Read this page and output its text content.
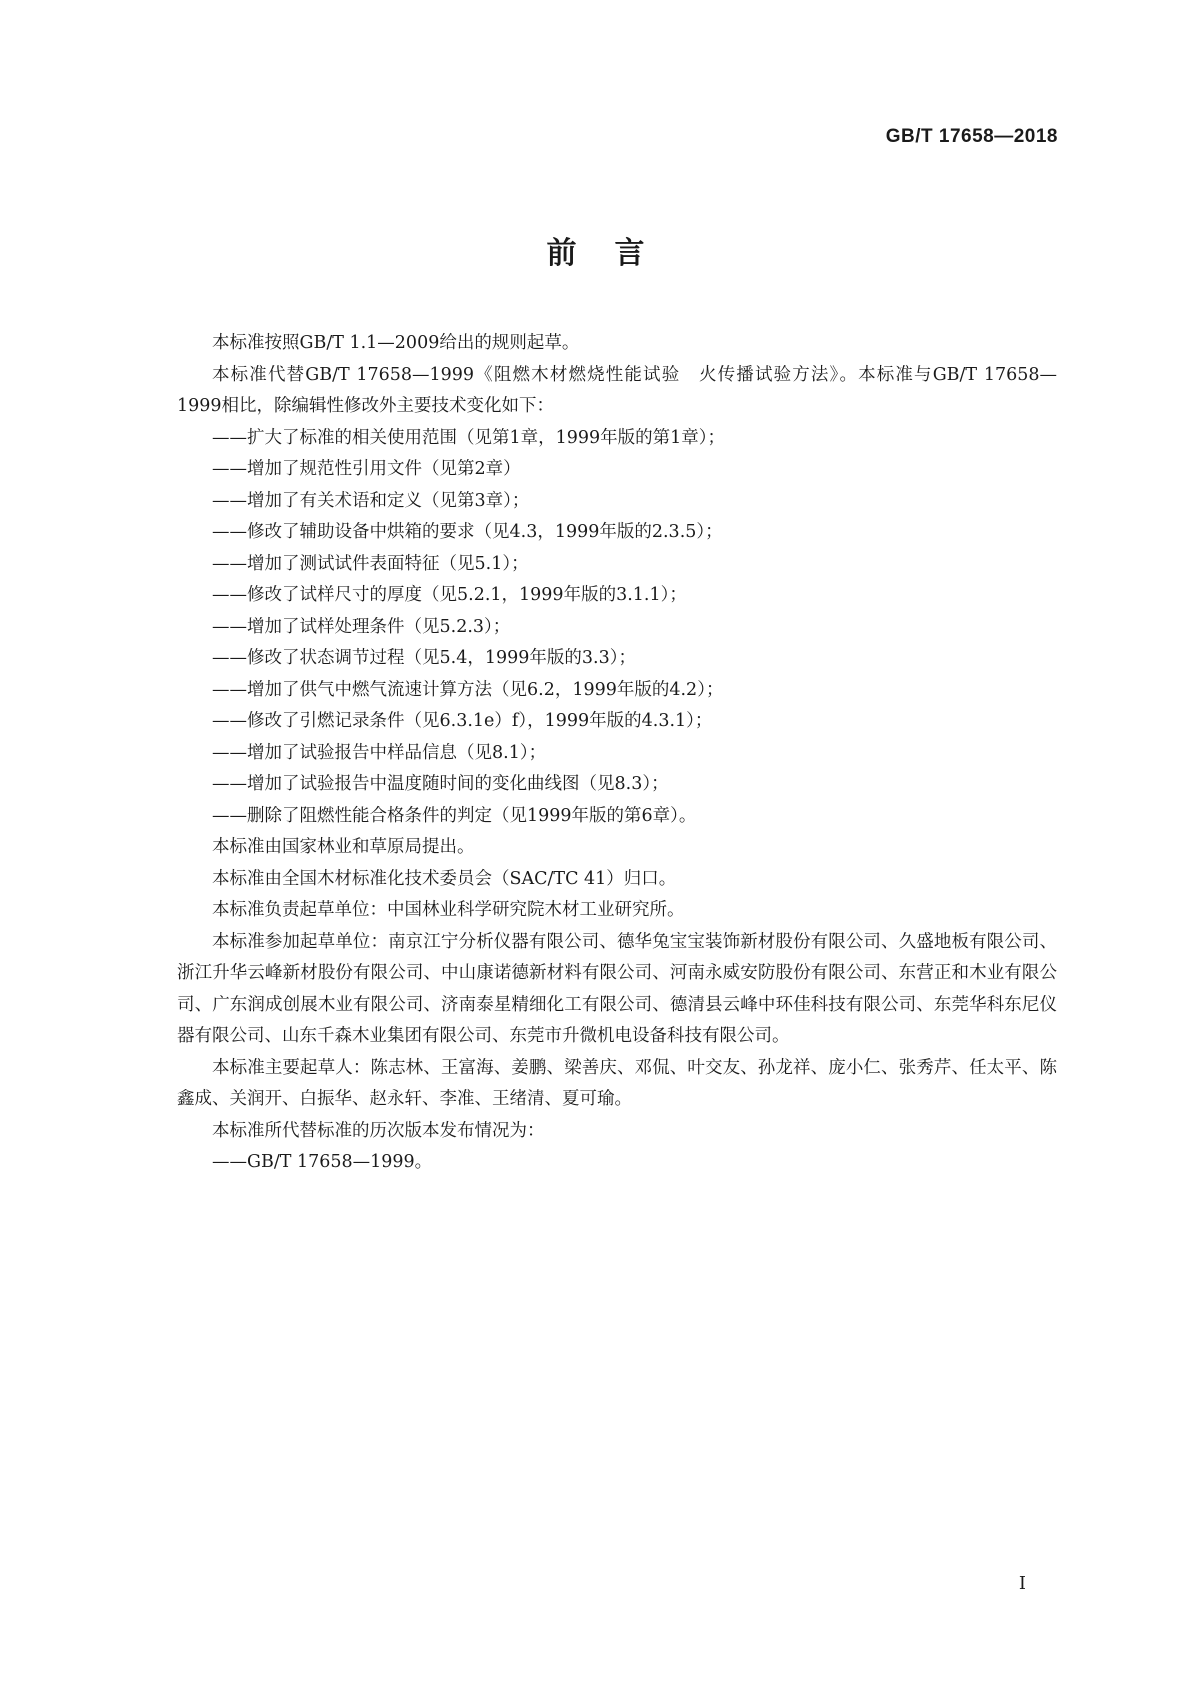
GB/T 17658—2018
前言

本标准按照GB/T 1.1—2009给出的规则起草。

本标准代替GB/T 17658—1999《阻燃木材燃烧性能试验　火传播试验方法》。本标准与GB/T 17658—1999相比，除编辑性修改外主要技术变化如下：

——扩大了标准的相关使用范围（见第1章，1999年版的第1章）；

——增加了规范性引用文件（见第2章）

——增加了有关术语和定义（见第3章）；

——修改了辅助设备中烘箱的要求（见4.3，1999年版的2.3.5）；

——增加了测试试件表面特征（见5.1）；

——修改了试样尺寸的厚度（见5.2.1，1999年版的3.1.1）；

——增加了试样处理条件（见5.2.3）；

——修改了状态调节过程（见5.4，1999年版的3.3）；

——增加了供气中燃气流速计算方法（见6.2，1999年版的4.2）；

——修改了引燃记录条件（见6.3.1e）f），1999年版的4.3.1）；

——增加了试验报告中样品信息（见8.1）；

——增加了试验报告中温度随时间的变化曲线图（见8.3）；

——删除了阻燃性能合格条件的判定（见1999年版的第6章）。

本标准由国家林业和草原局提出。

本标准由全国木材标准化技术委员会（SAC/TC 41）归口。

本标准负责起草单位：中国林业科学研究院木材工业研究所。

本标准参加起草单位：南京江宁分析仪器有限公司、德华兔宝宝装饰新材股份有限公司、久盛地板有限公司、浙江升华云峰新材股份有限公司、中山康诺德新材料有限公司、河南永威安防股份有限公司、东营正和木业有限公司、广东润成创展木业有限公司、济南泰星精细化工有限公司、德清县云峰中环佳科技有限公司、东莞华科东尼仪器有限公司、山东千森木业集团有限公司、东莞市升微机电设备科技有限公司。

本标准主要起草人：陈志林、王富海、姜鹏、梁善庆、邓侃、叶交友、孙龙祥、庞小仁、张秀芹、任太平、陈鑫成、关润开、白振华、赵永轩、李准、王绪清、夏可瑜。

本标准所代替标准的历次版本发布情况为：

——GB/T 17658—1999。

I
